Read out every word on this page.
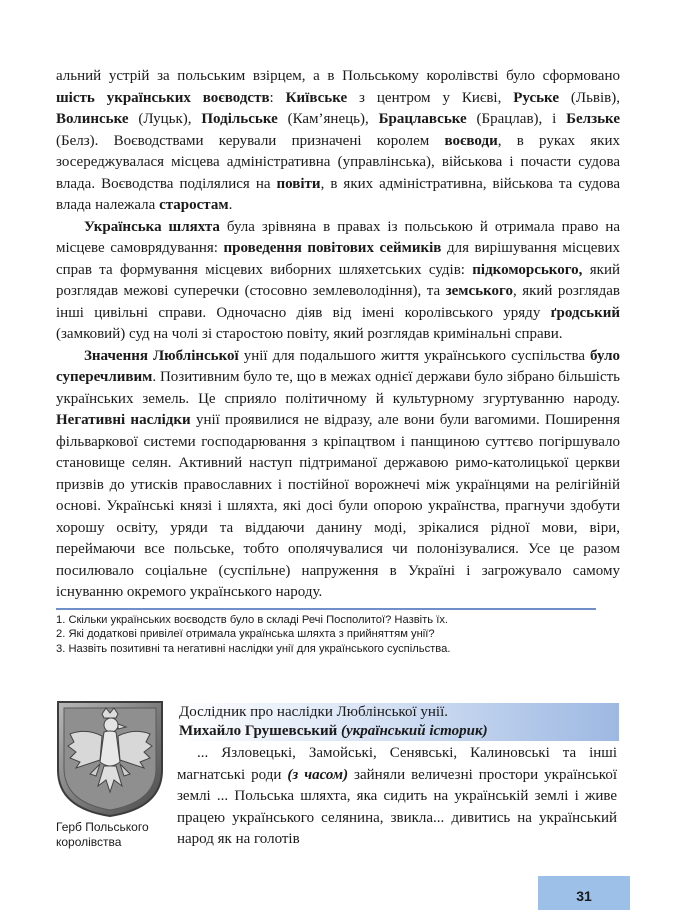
альний устрій за польським взірцем, а в Польському королівстві було сформовано шість українських воєводств: Київське з центром у Києві, Руське (Львів), Волинське (Луцьк), Подільське (Кам’янець), Брацлавське (Брацлав), і Белзьке (Белз). Воєводствами керували призначені королем воєводи, в руках яких зосереджувалася місцева адміністративна (управлінська), військова і почасти судова влада. Воєводства поділялися на повіти, в яких адміністративна, військова та судова влада належала старостам.

Українська шляхта була зрівняна в правах із польською й отримала право на місцеве самоврядування: проведення повітових сеймиків для вирішування місцевих справ та формування місцевих виборних шляхетських судів: підкоморського, який розглядав межові суперечки (стосовно землеволодіння), та земського, який розглядав інші цивільні справи. Одночасно діяв від імені королівського уряду ґродський (замковий) суд на чолі зі старостою повіту, який розглядав кримінальні справи.

Значення Люблінської унії для подальшого життя українського суспільства було суперечливим. Позитивним було те, що в межах однієї держави було зібрано більшість українських земель. Це сприяло політичному й культурному згуртуванню народу. Негативні наслідки унії проявилися не відразу, але вони були вагомими. Поширення фільваркової системи господарювання з кріпацтвом і панщиною суттєво погіршувало становище селян. Активний наступ підтриманої державою римо-католицької церкви призвів до утисків православних і постійної ворожнечі між українцями на релігійній основі. Українські князі і шляхта, які досі були опорою українства, прагнучи здобути хорошу освіту, уряди та віддаючи данину моді, зрікалися рідної мови, віри, переймаючи все польське, тобто ополячувалися чи полонізувалися. Усе це разом посилювало соціальне (суспільне) напруження в Україні і загрожувало самому існуванню окремого українського народу.

1. Скільки українських воєводств було в складі Речі Посполитої? Назвіть їх.
2. Які додаткові привілеї отримала українська шляхта з прийняттям унії?
3. Назвіть позитивні та негативні наслідки унії для українського суспільства.
Герб Польського королівства
Дослідник про наслідки Люблінської унії.
Михайло Грушевський (український історик)
... Язловецькі, Замойські, Сенявські, Калиновські та інші магнатські роди (з часом) зайняли величезні простори української землі ... Польська шляхта, яка сидить на українській землі і живе працею українського селянина, звикла... дивитись на український народ як на голотів
31
